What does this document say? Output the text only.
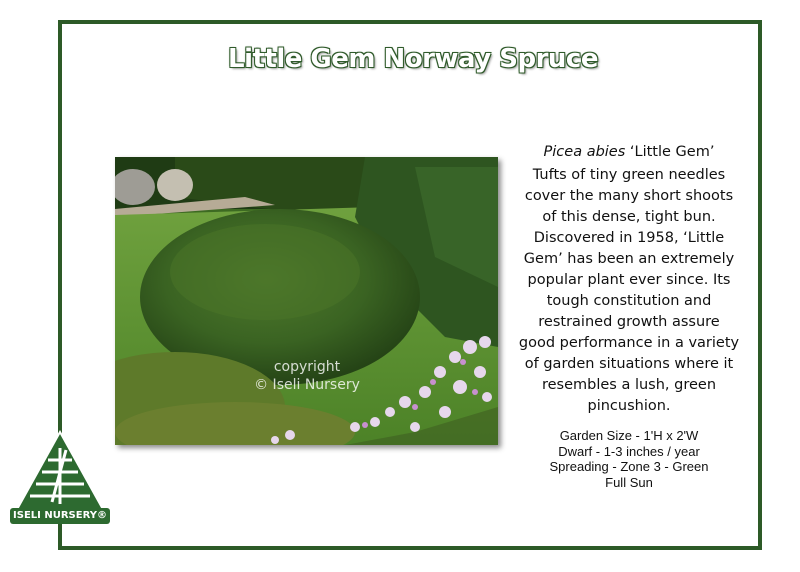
Little Gem Norway Spruce
copyright
© Iseli Nursery
Picea abies ‘Little Gem’
Tufts of tiny green needles cover the many short shoots of this dense, tight bun. Discovered in 1958, ‘Little Gem’ has been an extremely popular plant ever since. Its tough constitution and restrained growth assure good performance in a variety of garden situations where it resembles a lush, green pincushion.
Garden Size - 1'H x 2'W
Dwarf - 1-3 inches / year
Spreading - Zone 3 - Green
Full Sun
ISELI NURSERY®
